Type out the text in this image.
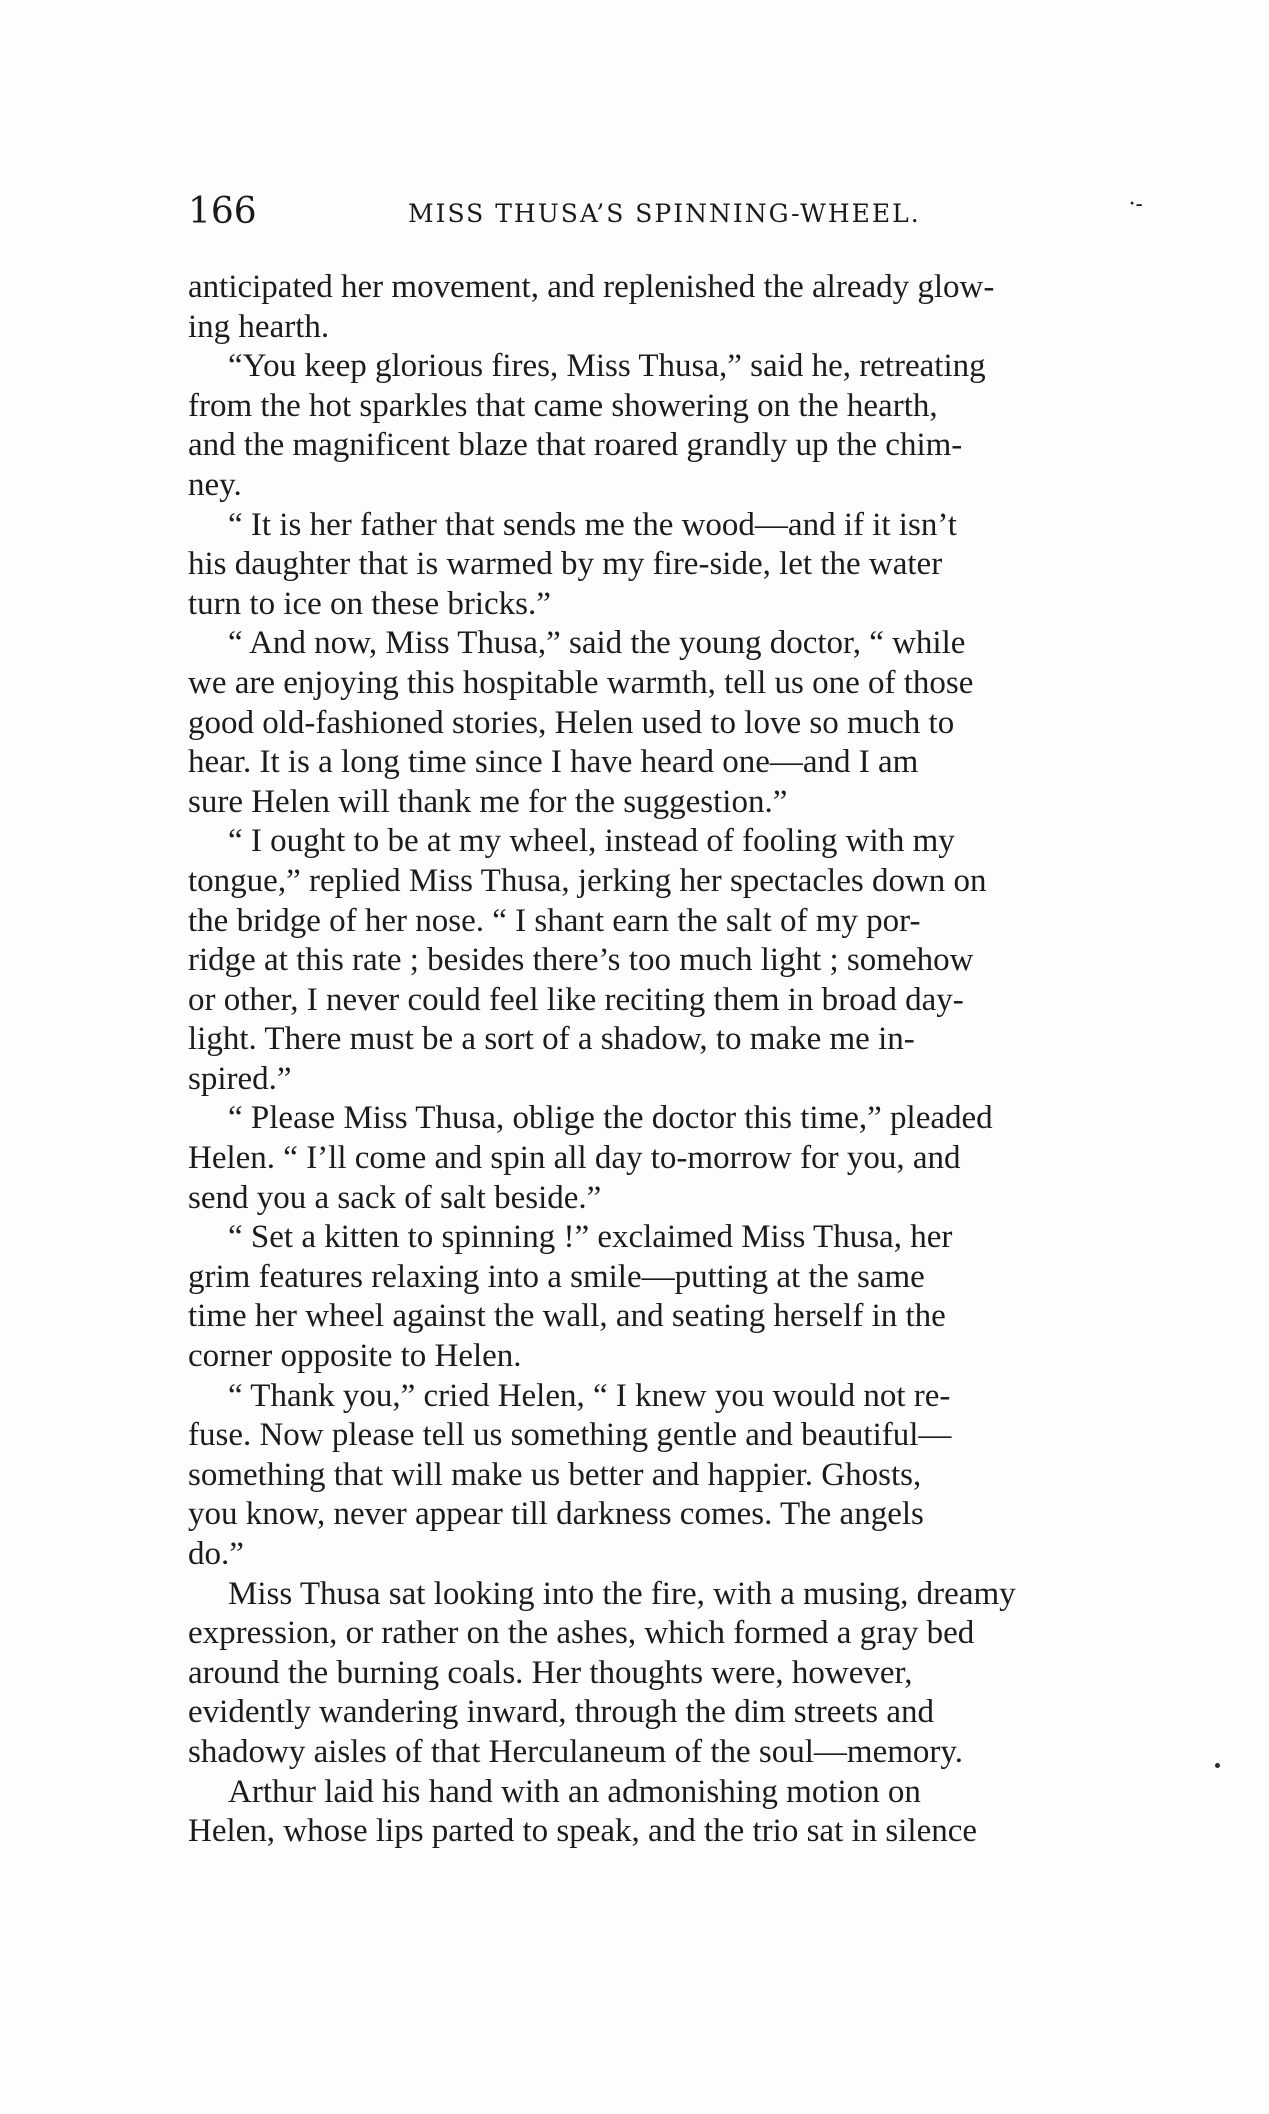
166	MISS THUSA’S SPINNING-WHEEL.	·-

anticipated her movement, and replenished the already glow-
ing hearth.

“You keep glorious fires, Miss Thusa,” said he, retreating
from the hot sparkles that came showering on the hearth,
and the magnificent blaze that roared grandly up the chim-
ney.

“ It is her father that sends me the wood—and if it isn’t
his daughter that is warmed by my fire-side, let the water
turn to ice on these bricks.”

“ And now, Miss Thusa,” said the young doctor, “ while
we are enjoying this hospitable warmth, tell us one of those
good old-fashioned stories, Helen used to love so much to
hear. It is a long time since I have heard one—and I am
sure Helen will thank me for the suggestion.”

“ I ought to be at my wheel, instead of fooling with my
tongue,” replied Miss Thusa, jerking her spectacles down on
the bridge of her nose. “ I shant earn the salt of my por-
ridge at this rate ; besides there’s too much light ; somehow
or other, I never could feel like reciting them in broad day-
light. There must be a sort of a shadow, to make me in-
spired.”

“ Please Miss Thusa, oblige the doctor this time,” pleaded
Helen. “ I’ll come and spin all day to-morrow for you, and
send you a sack of salt beside.”

“ Set a kitten to spinning !” exclaimed Miss Thusa, her
grim features relaxing into a smile—putting at the same
time her wheel against the wall, and seating herself in the
corner opposite to Helen.

“ Thank you,” cried Helen, “ I knew you would not re-
fuse. Now please tell us something gentle and beautiful—
something that will make us better and happier. Ghosts,
you know, never appear till darkness comes. The angels
do.”

Miss Thusa sat looking into the fire, with a musing, dreamy
expression, or rather on the ashes, which formed a gray bed
around the burning coals. Her thoughts were, however,
evidently wandering inward, through the dim streets and
shadowy aisles of that Herculaneum of the soul—memory.

Arthur laid his hand with an admonishing motion on
Helen, whose lips parted to speak, and the trio sat in silence
